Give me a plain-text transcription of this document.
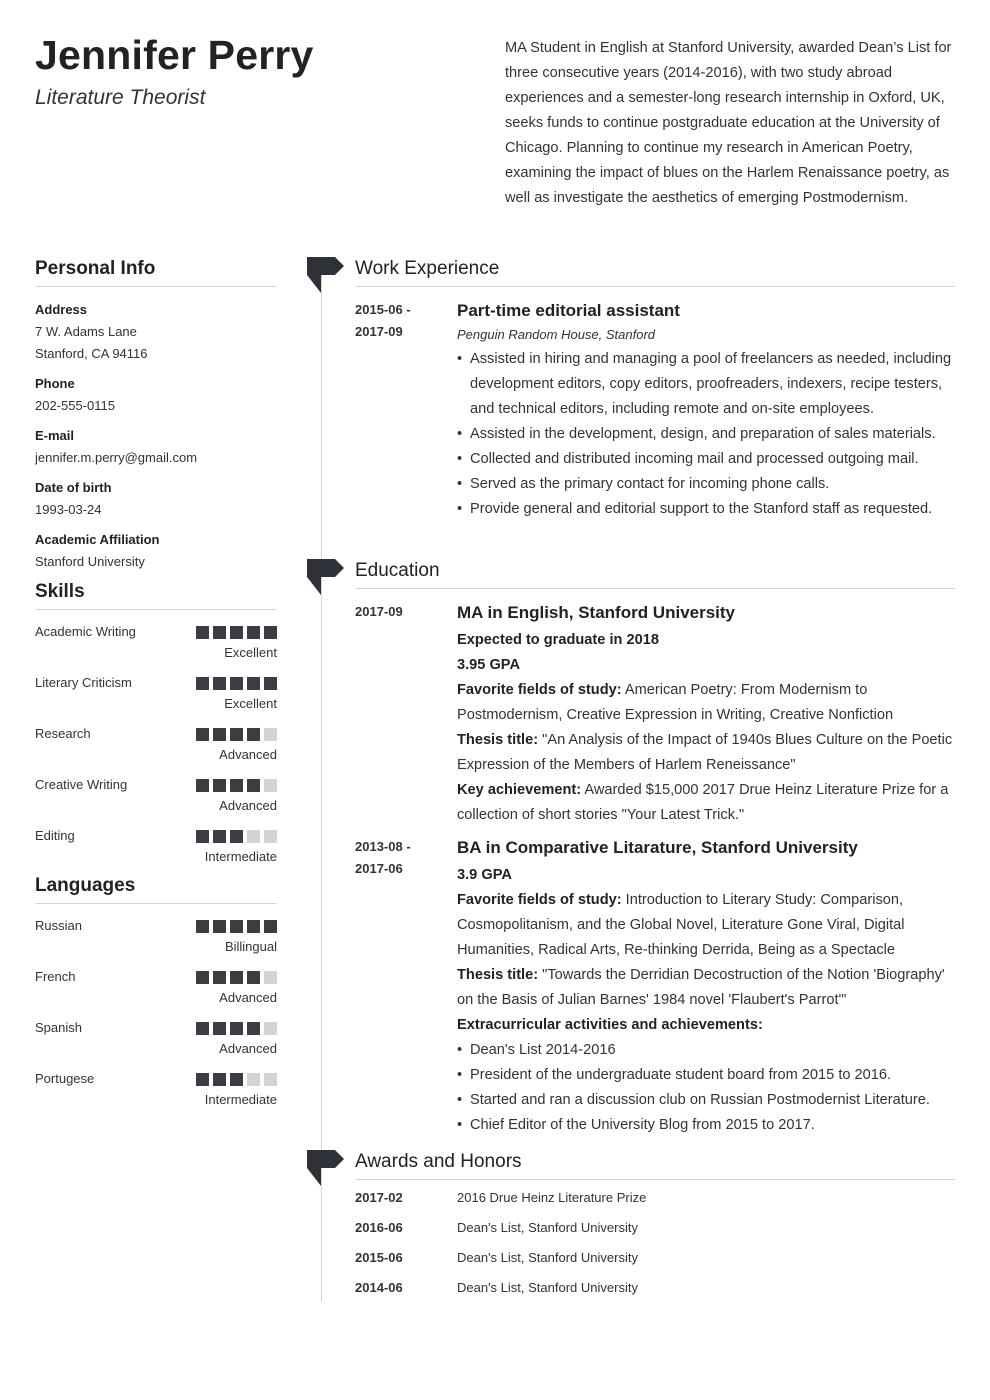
Jennifer Perry
Literature Theorist
MA Student in English at Stanford University, awarded Dean’s List for three consecutive years (2014-2016), with two study abroad experiences and a semester-long research internship in Oxford, UK, seeks funds to continue postgraduate education at the University of Chicago. Planning to continue my research in American Poetry, examining the impact of blues on the Harlem Renaissance poetry, as well as investigate the aesthetics of emerging Postmodernism.
Personal Info
Address
7 W. Adams Lane
Stanford, CA 94116
Phone
202-555-0115
E-mail
jennifer.m.perry@gmail.com
Date of birth
1993-03-24
Academic Affiliation
Stanford University
Skills
Academic Writing
Excellent
Literary Criticism
Excellent
Research
Advanced
Creative Writing
Advanced
Editing
Intermediate
Languages
Russian
Billingual
French
Advanced
Spanish
Advanced
Portugese
Intermediate
Work Experience
2015-06 -
2017-09
Part-time editorial assistant
Penguin Random House, Stanford
• Assisted in hiring and managing a pool of freelancers as needed, including development editors, copy editors, proofreaders, indexers, recipe testers, and technical editors, including remote and on-site employees.
• Assisted in the development, design, and preparation of sales materials.
• Collected and distributed incoming mail and processed outgoing mail.
• Served as the primary contact for incoming phone calls.
• Provide general and editorial support to the Stanford staff as requested.
Education
2017-09	MA in English, Stanford University
Expected to graduate in 2018
3.95 GPA
Favorite fields of study: American Poetry: From Modernism to Postmodernism, Creative Expression in Writing, Creative Nonfiction
Thesis title: "An Analysis of the Impact of 1940s Blues Culture on the Poetic Expression of the Members of Harlem Reneissance"
Key achievement: Awarded $15,000 2017 Drue Heinz Literature Prize for a collection of short stories "Your Latest Trick."
2013-08 -
2017-06
BA in Comparative Litarature, Stanford University
3.9 GPA
Favorite fields of study: Introduction to Literary Study: Comparison, Cosmopolitanism, and the Global Novel, Literature Gone Viral, Digital Humanities, Radical Arts, Re-thinking Derrida, Being as a Spectacle
Thesis title: "Towards the Derridian Decostruction of the Notion 'Biography' on the Basis of Julian Barnes' 1984 novel 'Flaubert's Parrot'"
Extracurricular activities and achievements:
• Dean's List 2014-2016
• President of the undergraduate student board from 2015 to 2016.
• Started and ran a discussion club on Russian Postmodernist Literature.
• Chief Editor of the University Blog from 2015 to 2017.
Awards and Honors
2017-02	2016 Drue Heinz Literature Prize
2016-06	Dean's List, Stanford University
2015-06	Dean's List, Stanford University
2014-06	Dean's List, Stanford University
